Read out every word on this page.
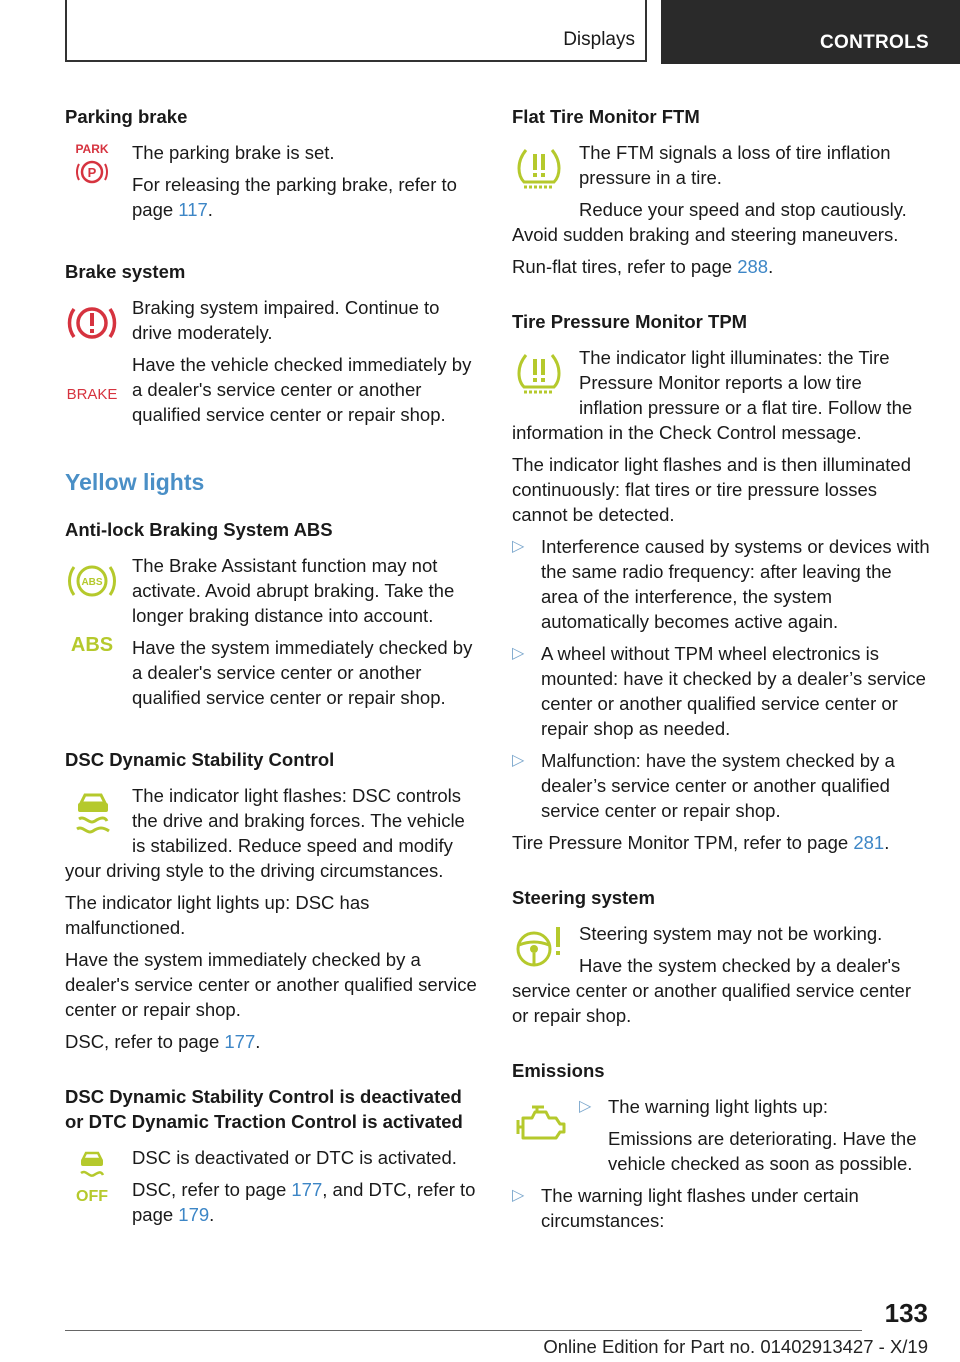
Displays	CONTROLS
Parking brake
PARK
P

The parking brake is set.

For releasing the parking brake, refer to page 117.

Brake system
BRAKE

Braking system impaired. Continue to drive moderately.

Have the vehicle checked immediately by a dealer's service center or another qualified service center or repair shop.

Yellow lights
Anti-lock Braking System ABS
ABS
ABS

The Brake Assistant function may not activate. Avoid abrupt braking. Take the longer braking distance into account.

Have the system immediately checked by a dealer's service center or another qualified service center or repair shop.

DSC Dynamic Stability Control

The indicator light flashes: DSC controls the drive and braking forces. The vehicle is stabilized. Reduce speed and modify your driving style to the driving circumstances.

The indicator light lights up: DSC has malfunctioned.

Have the system immediately checked by a dealer's service center or another qualified service center or repair shop.

DSC, refer to page 177.

DSC Dynamic Stability Control is deactivated or DTC Dynamic Traction Control is activated
OFF

DSC is deactivated or DTC is activated.

DSC, refer to page 177, and DTC, refer to page 179.

Flat Tire Monitor FTM

The FTM signals a loss of tire inflation pressure in a tire.

Reduce your speed and stop cautiously. Avoid sudden braking and steering maneuvers.

Run-flat tires, refer to page 288.

Tire Pressure Monitor TPM

The indicator light illuminates: the Tire Pressure Monitor reports a low tire inflation pressure or a flat tire. Follow the information in the Check Control message.

The indicator light flashes and is then illuminated continuously: flat tires or tire pressure losses cannot be detected.

▷ Interference caused by systems or devices with the same radio frequency: after leaving the area of the interference, the system automatically becomes active again.
▷ A wheel without TPM wheel electronics is mounted: have it checked by a dealer’s service center or another qualified service center or repair shop as needed.
▷ Malfunction: have the system checked by a dealer’s service center or another qualified service center or repair shop.

Tire Pressure Monitor TPM, refer to page 281.

Steering system

Steering system may not be working.

Have the system checked by a dealer's service center or another qualified service center or repair shop.

Emissions
▷ The warning light lights up:

Emissions are deteriorating. Have the vehicle checked as soon as possible.

▷ The warning light flashes under certain circumstances:
133
Online Edition for Part no. 01402913427 - X/19
